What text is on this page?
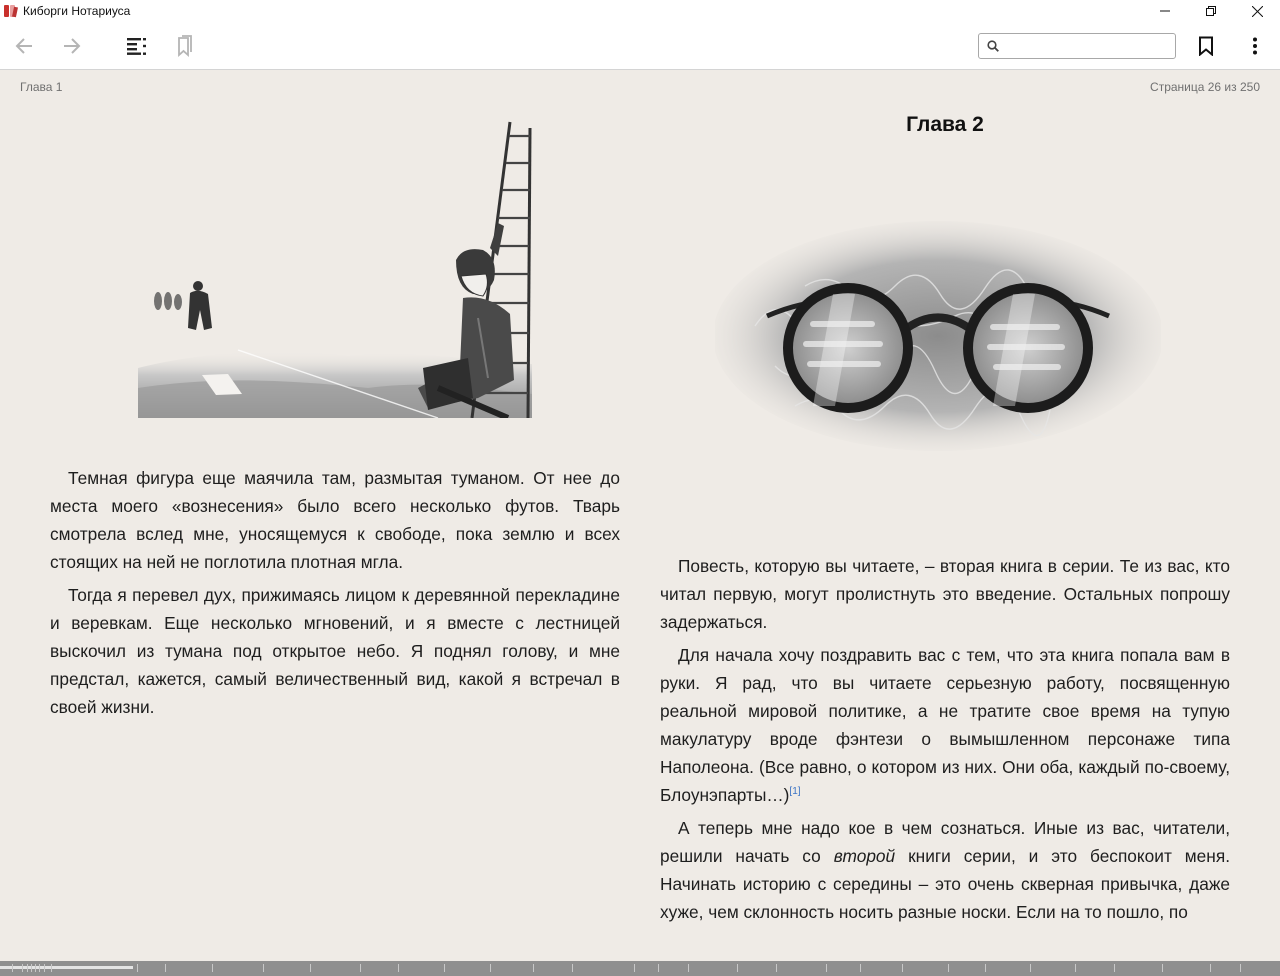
Киборги Нотариуса
Глава 1	Страница 26 из 250

Темная фигура еще маячила там, размытая туманом. От нее до места моего «вознесения» было всего несколько футов. Тварь смотрела вслед мне, уносящемуся к свободе, пока землю и всех стоящих на ней не поглотила плотная мгла.

Тогда я перевел дух, прижимаясь лицом к деревянной перекладине и веревкам. Еще несколько мгновений, и я вместе с лестницей выскочил из тумана под открытое небо. Я поднял голову, и мне предстал, кажется, самый величественный вид, какой я встречал в своей жизни.

Глава 2

Повесть, которую вы читаете, – вторая книга в серии. Те из вас, кто читал первую, могут пролистнуть это введение. Остальных попрошу задержаться.

Для начала хочу поздравить вас с тем, что эта книга попала вам в руки. Я рад, что вы читаете серьезную работу, посвященную реальной мировой политике, а не тратите свое время на тупую макулатуру вроде фэнтези о вымышленном персонаже типа Наполеона. (Все равно, о котором из них. Они оба, каждый по-своему, Блоунэпарты…)[1]

А теперь мне надо кое в чем сознаться. Иные из вас, читатели, решили начать со второй книги серии, и это беспокоит меня. Начинать историю с середины – это очень скверная привычка, даже хуже, чем склонность носить разные носки. Если на то пошло, по
